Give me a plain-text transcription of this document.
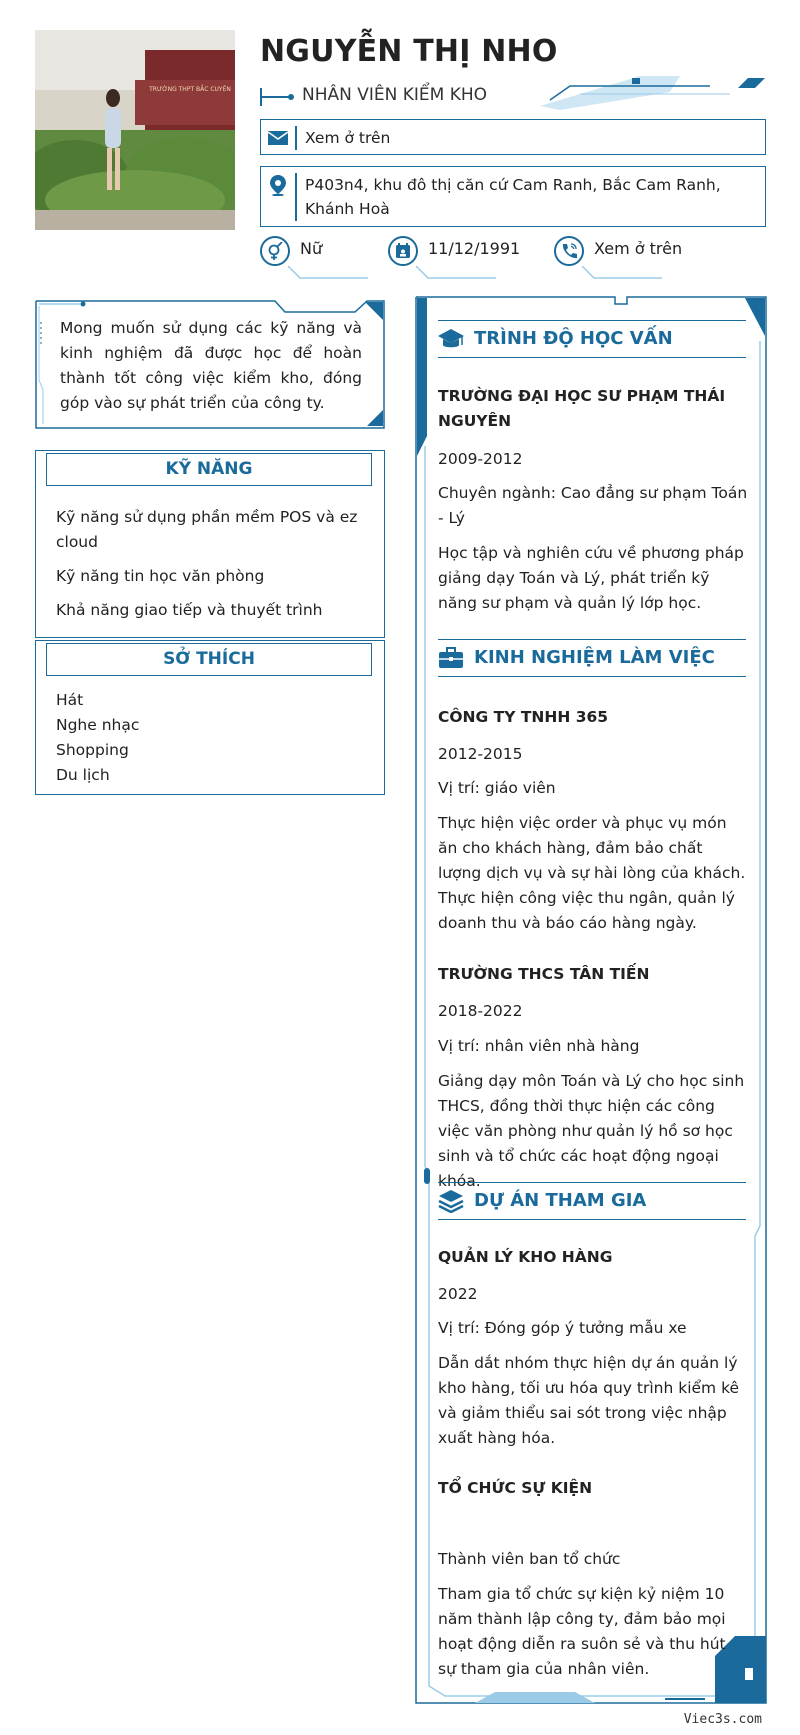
TRƯỜNG THPT BẮC CUYÊN
NGUYỄN THỊ NHO
NHÂN VIÊN KIỂM KHO
Xem ở trên
P403n4, khu đô thị căn cứ Cam Ranh, Bắc Cam Ranh, Khánh Hoà
Nữ	11/12/1991	Xem ở trên
Mong muốn sử dụng các kỹ năng và kinh nghiệm đã được học để hoàn thành tốt công việc kiểm kho, đóng góp vào sự phát triển của công ty.
KỸ NĂNG
Kỹ năng sử dụng phần mềm POS và ez cloud
Kỹ năng tin học văn phòng
Khả năng giao tiếp và thuyết trình
SỞ THÍCH
Hát
Nghe nhạc
Shopping
Du lịch
TRÌNH ĐỘ HỌC VẤN
TRƯỜNG ĐẠI HỌC SƯ PHẠM THÁI NGUYÊN
2009-2012
Chuyên ngành: Cao đẳng sư phạm Toán - Lý
Học tập và nghiên cứu về phương pháp giảng dạy Toán và Lý, phát triển kỹ năng sư phạm và quản lý lớp học.
KINH NGHIỆM LÀM VIỆC
CÔNG TY TNHH 365
2012-2015
Vị trí: giáo viên
Thực hiện việc order và phục vụ món ăn cho khách hàng, đảm bảo chất lượng dịch vụ và sự hài lòng của khách. Thực hiện công việc thu ngân, quản lý doanh thu và báo cáo hàng ngày.
TRƯỜNG THCS TÂN TIẾN
2018-2022
Vị trí: nhân viên nhà hàng
Giảng dạy môn Toán và Lý cho học sinh THCS, đồng thời thực hiện các công việc văn phòng như quản lý hồ sơ học sinh và tổ chức các hoạt động ngoại khóa.
DỰ ÁN THAM GIA
QUẢN LÝ KHO HÀNG
2022
Vị trí: Đóng góp ý tưởng mẫu xe
Dẫn dắt nhóm thực hiện dự án quản lý kho hàng, tối ưu hóa quy trình kiểm kê và giảm thiểu sai sót trong việc nhập xuất hàng hóa.
TỔ CHỨC SỰ KIỆN
Thành viên ban tổ chức
Tham gia tổ chức sự kiện kỷ niệm 10 năm thành lập công ty, đảm bảo mọi hoạt động diễn ra suôn sẻ và thu hút sự tham gia của nhân viên.
Viec3s.com
